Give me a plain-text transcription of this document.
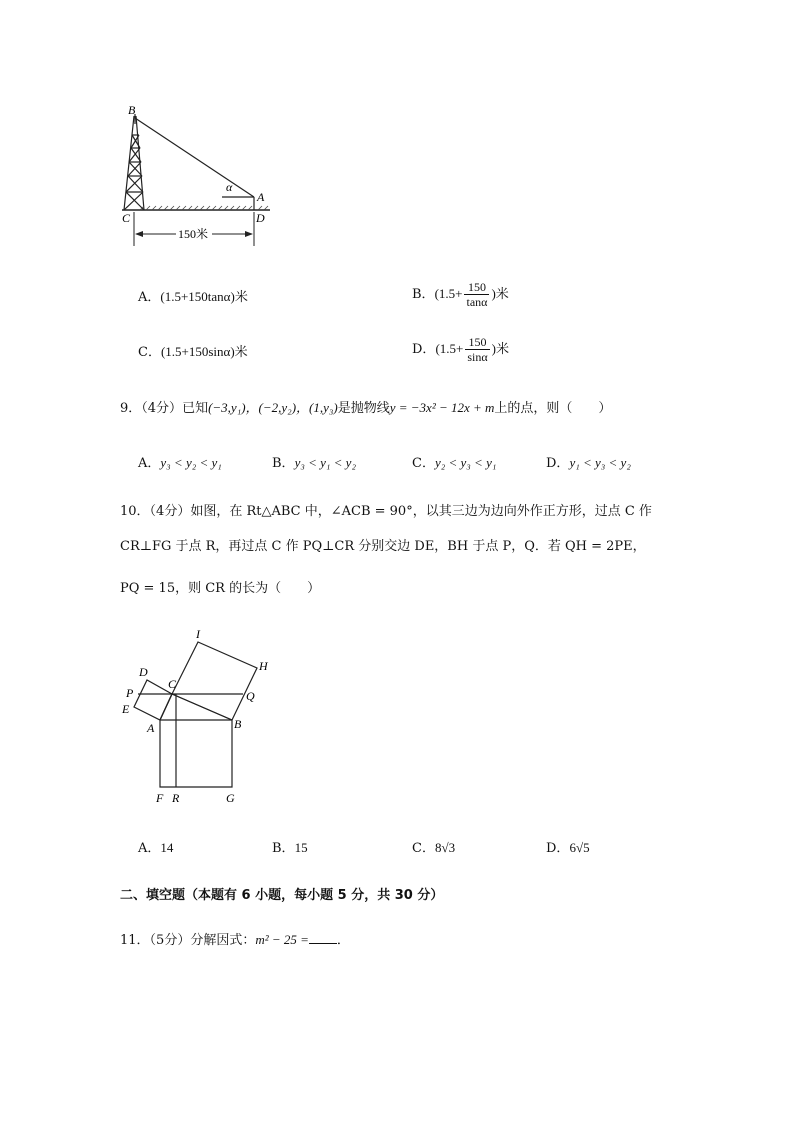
B
C
A
D
α
150米
A．(1.5+150tanα)米	B．($1.5+ \frac{150}{\tan\alpha}$ )米
C．(1.5+150sinα)米	D．($1.5+ \frac{150}{\sin\alpha}$ )米
9．（4分）已知(−3,y₁)，(−2,y₂)，(1,y₃)是抛物线y = −3x² − 12x + m上的点，则（　　）
A．y₃ < y₂ < y₁	B．y₃ < y₁ < y₂	C．y₂ < y₃ < y₁	D．y₁ < y₃ < y₂
10．（4分）如图，在 Rt△ABC 中，∠ACB = 90°，以其三边为边向外作正方形，过点 C 作
CR⊥FG 于点 R，再过点 C 作 PQ⊥CR 分别交边 DE，BH 于点 P，Q．若 QH = 2PE，
PQ = 15，则 CR 的长为（　　）
I
H
D
C
P	Q
E
A	B
F R	G
A．14	B．15	C．8√3	D．6√5
二、填空题（本题有 6 小题，每小题 5 分，共 30 分）
11．（5分）分解因式：m² − 25 = ．
